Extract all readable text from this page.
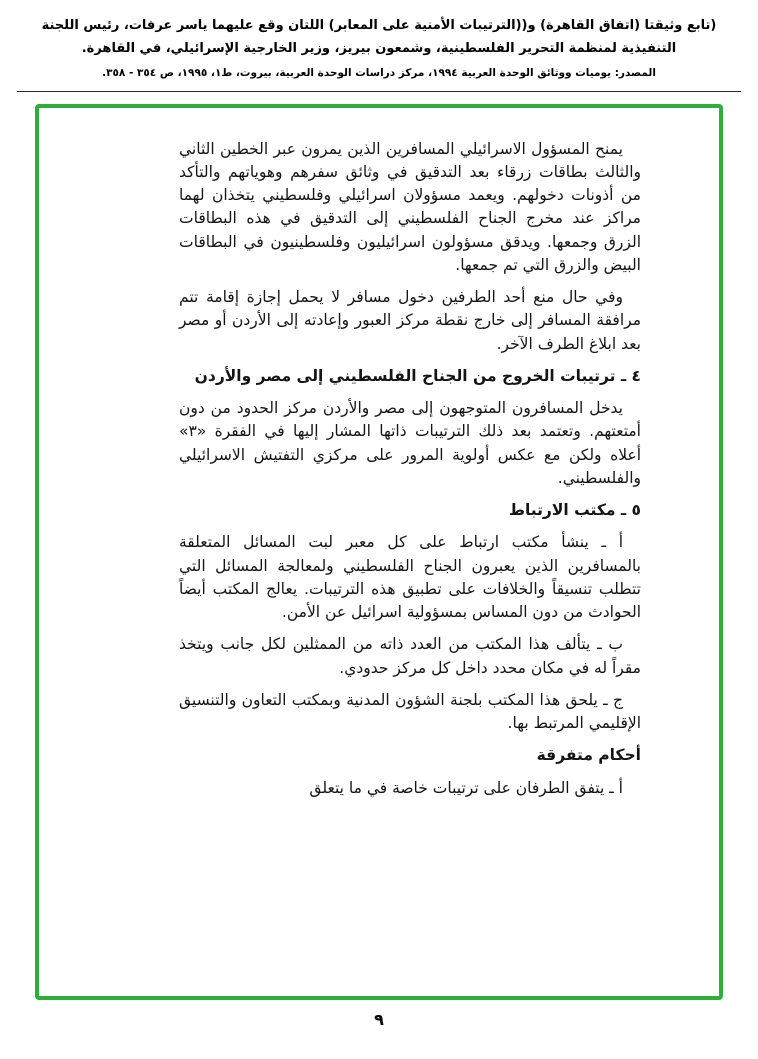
(تابع وثيقتا (اتفاق القاهرة) و((الترتيبات الأمنية على المعابر) اللتان وقع عليهما ياسر عرفات، رئيس اللجنة
التنفيذية لمنظمة التحرير الفلسطينية، وشمعون بيريز، وزير الخارجية الإسرائيلي، في القاهرة.
المصدر: يوميات ووثائق الوحدة العربية ١٩٩٤، مركز دراسات الوحدة العربية، بيروت، ط١، ١٩٩٥، ص ٣٥٤ - ٣٥٨.

يمنح المسؤول الاسرائيلي المسافرين الذين يمرون عبر الخطين الثاني والثالث بطاقات زرقاء بعد التدقيق في وثائق سفرهم وهوياتهم والتأكد من أذونات دخولهم. ويعمد مسؤولان اسرائيلي وفلسطيني يتخذان لهما مراكز عند مخرج الجناح الفلسطيني إلى التدقيق في هذه البطاقات الزرق وجمعها. ويدقق مسؤولون اسرائيليون وفلسطينيون في البطاقات البيض والزرق التي تم جمعها.

وفي حال منع أحد الطرفين دخول مسافر لا يحمل إجازة إقامة تتم مرافقة المسافر إلى خارج نقطة مركز العبور وإعادته إلى الأردن أو مصر بعد ابلاغ الطرف الآخر.

٤ ـ ترتيبات الخروج من الجناح الفلسطيني إلى مصر والأردن

يدخل المسافرون المتوجهون إلى مصر والأردن مركز الحدود من دون أمتعتهم. وتعتمد بعد ذلك الترتيبات ذاتها المشار إليها في الفقرة «٣» أعلاه ولكن مع عكس أولوية المرور على مركزي التفتيش الاسرائيلي والفلسطيني.

٥ ـ مكتب الارتباط

أ ـ ينشأ مكتب ارتباط على كل معبر لبت المسائل المتعلقة بالمسافرين الذين يعبرون الجناح الفلسطيني ولمعالجة المسائل التي تتطلب تنسيقاً والخلافات على تطبيق هذه الترتيبات. يعالج المكتب أيضاً الحوادث من دون المساس بمسؤولية اسرائيل عن الأمن.

ب ـ يتألف هذا المكتب من العدد ذاته من الممثلين لكل جانب ويتخذ مقراً له في مكان محدد داخل كل مركز حدودي.

ج ـ يلحق هذا المكتب بلجنة الشؤون المدنية وبمكتب التعاون والتنسيق الإقليمي المرتبط بها.

أحكام متفرقة

أ ـ يتفق الطرفان على ترتيبات خاصة في ما يتعلق

٩
